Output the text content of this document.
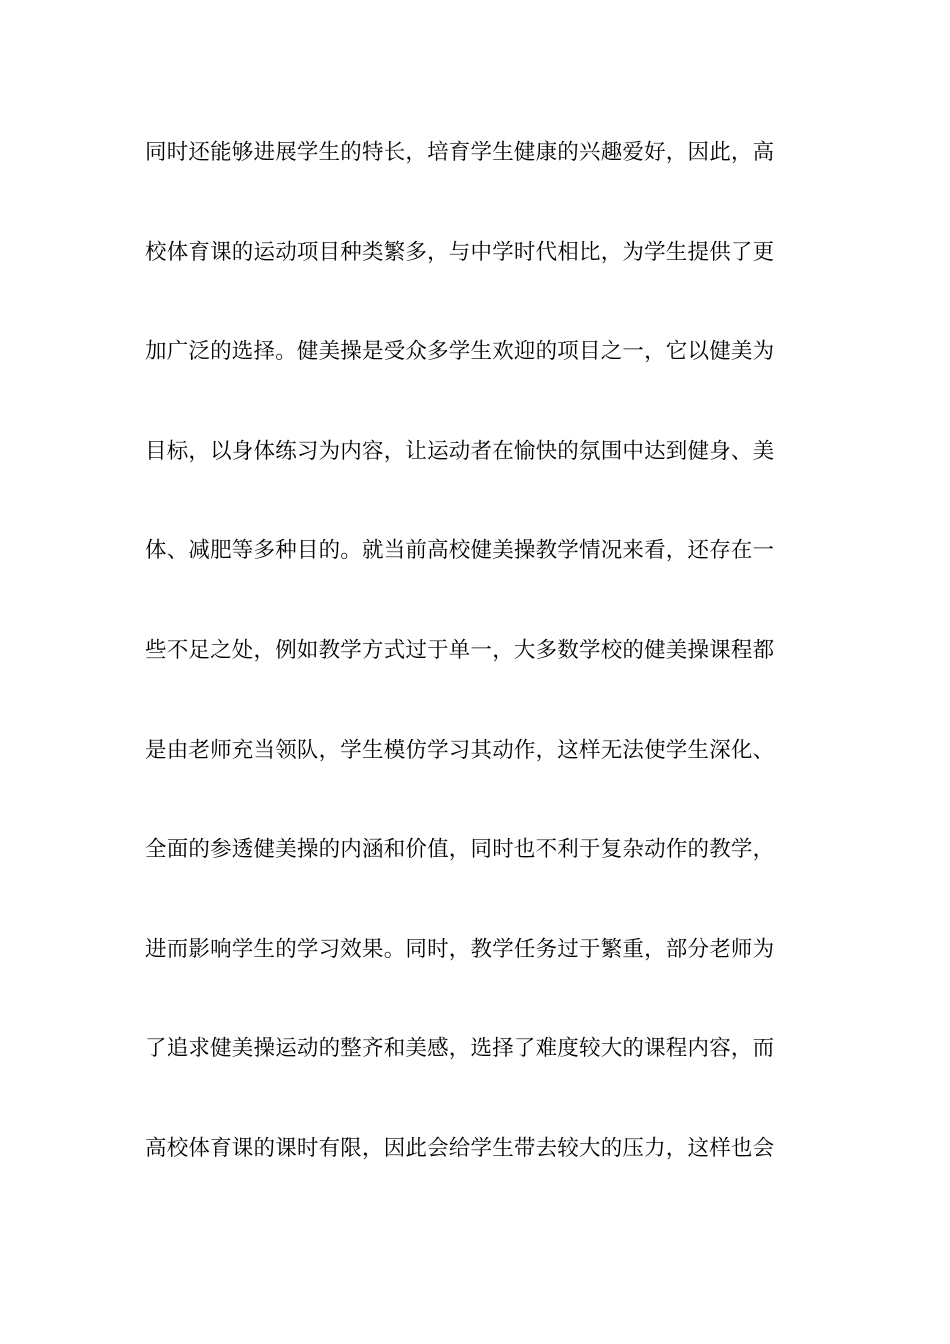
同时还能够进展学生的特长，培育学生健康的兴趣爱好，因此，高
校体育课的运动项目种类繁多，与中学时代相比，为学生提供了更
加广泛的选择。健美操是受众多学生欢迎的项目之一，它以健美为
目标，以身体练习为内容，让运动者在愉快的氛围中达到健身、美
体、减肥等多种目的。就当前高校健美操教学情况来看，还存在一
些不足之处，例如教学方式过于单一，大多数学校的健美操课程都
是由老师充当领队，学生模仿学习其动作，这样无法使学生深化、
全面的参透健美操的内涵和价值，同时也不利于复杂动作的教学，
进而影响学生的学习效果。同时，教学任务过于繁重，部分老师为
了追求健美操运动的整齐和美感，选择了难度较大的课程内容，而
高校体育课的课时有限，因此会给学生带去较大的压力，这样也会
